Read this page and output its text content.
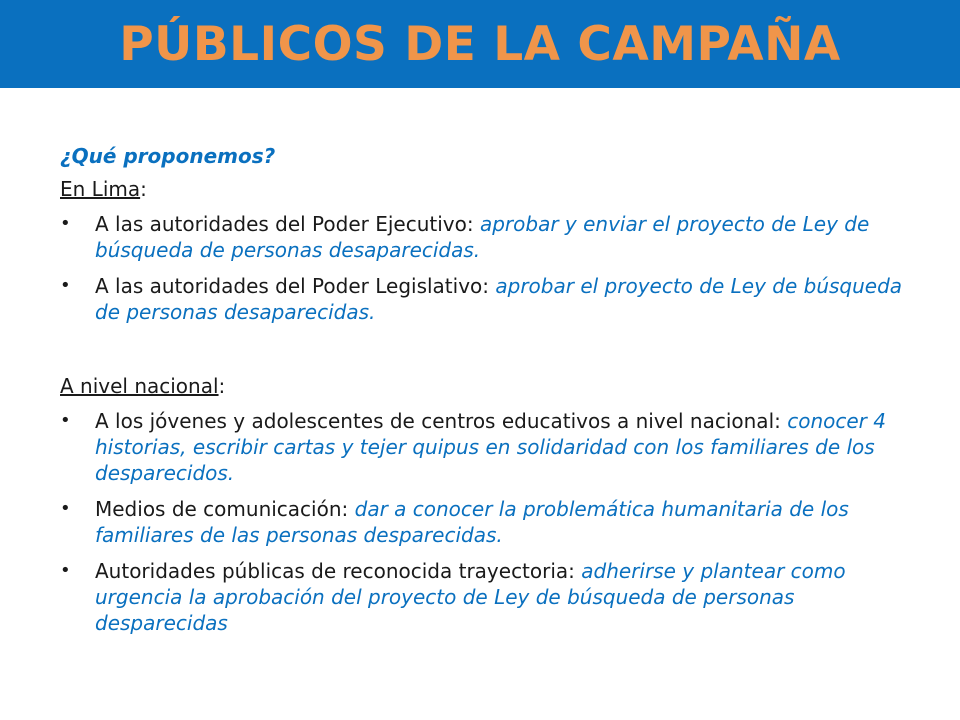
PÚBLICOS DE LA CAMPAÑA

¿Qué proponemos?

En Lima:

• A las autoridades del Poder Ejecutivo: aprobar y enviar el proyecto de Ley de búsqueda de personas desaparecidas.
• A las autoridades del Poder Legislativo: aprobar el proyecto de Ley de búsqueda de personas desaparecidas.

A nivel nacional:

• A los jóvenes y adolescentes de centros educativos a nivel nacional: conocer 4 historias, escribir cartas y tejer quipus en solidaridad con los familiares de los desparecidos.
• Medios de comunicación: dar a conocer la problemática humanitaria de los familiares de las personas desparecidas.
• Autoridades públicas de reconocida trayectoria: adherirse y plantear como urgencia la aprobación del proyecto de Ley de búsqueda de personas desparecidas
